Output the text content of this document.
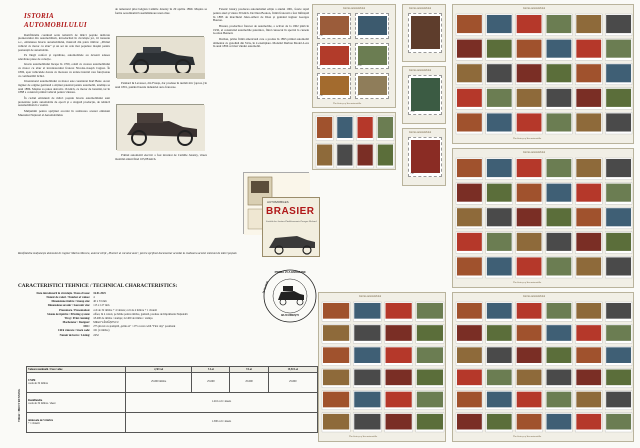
ISTORIA AUTOMOBILULUI

Romfilatelia continuă seria tematică de mărci poștale dedicate pionieratului din automobilism, introducând în circulație joi, 16 ianuarie a.c., emisiunea Istoria automobilului, ilustrată din patru timbre: „Primul vehicul cu motor cu abur" și un set de cele mai populare mașini pentru pasionații de automobile.

Pe lângă confort și rapiditate, automobilele au devenit adesea adevărate piese de colecție.

Istoria automobilului începe în 1769, odată cu crearea automobilului cu motor cu abur al inventatorului francez Nicolas-Joseph Cugnot. În 1806, apar vehiculele dotate cu motoare cu ardere internă care funcționau cu combustibil lichid.

Inventatorul automobilului cu motor este considerat Karl Benz. Acest inginer de origine germană a obținut patentul pentru automobil, tendința sa anul 1886. Mașina sa putea dezvolta 16 km/h, cu motor de benzină, iar în 1888 a construit primul vehicul pentru vânzare.

În cadrul emisiunii de mărci poștale Istoria automobilului sunt prezentate patru automobile de epocă și o singură producție, de tehnică automobilistică a vremii.

Mulțumim pentru sprijinul acordat în realizarea acestei emisiuni Muzeului Național al Automobilului.

de temerarul pilot belgian Camille Jenatzy în 29 aprilie 1899. Mașina sa forma aerodinamică asemănătoare unei obuz.

Panhard & Levassor, din Franța, dar produse în număr mic (aprox.) în anul 1891, punând bazele industriei auto franceze.

Primul automobil electric a fost inventat de Camille Jenatzy, viteza maximă atinsă fiind 105,88 km/h.

Fanatic luxury producea autoturismul ediție a anului 1901, foarte rapid pentru anul și viteza 30 km/h. De Dion Bouton, firmă franceză a fost înființată în 1883 de marchizul Jules-Albert de Dion și genialul inginer Georges Bouton.

Brasier, producător francez de automobile, a activat de la 1902 până în 1930, el construind automobile puternice, fiind cunoscut în special la cursele Gordon Bennett.

Durban, prima firmă americană care a produs în 1895 primul automobil alimentat cu gazolină din SUA, în 4 exemplare. Modelul Durban Model A era în anul 1896 cel mai vândut automobil.

Romfilatelia mulțumește domnului dr. inginer Marius Moraru, autorul cărții „Pionieri ai cursului auto", pentru sprijinul documentar acordat la realizarea acestei emisiuni de mărci poștale.

AUTOMOBILES
BRASIER
Société des Anciens Établissements Georges Richard
PRIMA ZI A EMISIUNII
16.01.2025
BUCUREȘTI
CARACTERISTICI TEHNICE / TECHNICAL CHARACTERISTICS:
Data introducerii în circulație / Date of issue:	16.01.2025
Număr de valori / Number of values:	4
Dimensiune timbre / Stamp size:	40 x 33 mm
Dimensiune suvenir / Souvenir size:	115 x 127 mm
Prezentare / Presentation:	coli de 32 timbre + 4 viniete; coli de 4 timbre + 1 vinietă
Sistem de tipărire / Printing system:	offset, în 4 culori, pe hârtie pentru timbre, gumată, produse de Imprimeria Națională
Tiraj / Print running:	18.400 de timbre / stamps; 22.400 de timbre / stamps
Machetator / Designer:	Mihail VĂMĂȘESCU
FDC:	275 plicuri cu ștampilă „prima zi" / 275 covers with "First day" postmark
Cifră vânzare / Stock code:	161 (4 timbre)
Număr de lucru / Listing:	2452
TIRAJ / PRINT RUNNING
Valoare nominală / Face value	2,30 Lei	5 Lei	9 Lei	19,50 Lei
UNPR
coala de 32 timbre	25.600 timbre	25.600	25.600	25.600
Romfilatelia
coala de 32 timbre / sheet	1.216 coli / sheets			
minicoala de 5 timbre
+ 1 vinietă	1.500 coli / sheets			
Istoria automobilului
2,30	5
9	19,50
2,30	5
The history of the automobile
Istoria automobilului
9
Istoria automobilului
19,50
Istoria automobilului
2,30
Istoria automobilului
The history of the automobile
Istoria automobilului
The history of the automobile
Istoria automobilului
The history of the automobile
Istoria automobilului
The history of the automobile
